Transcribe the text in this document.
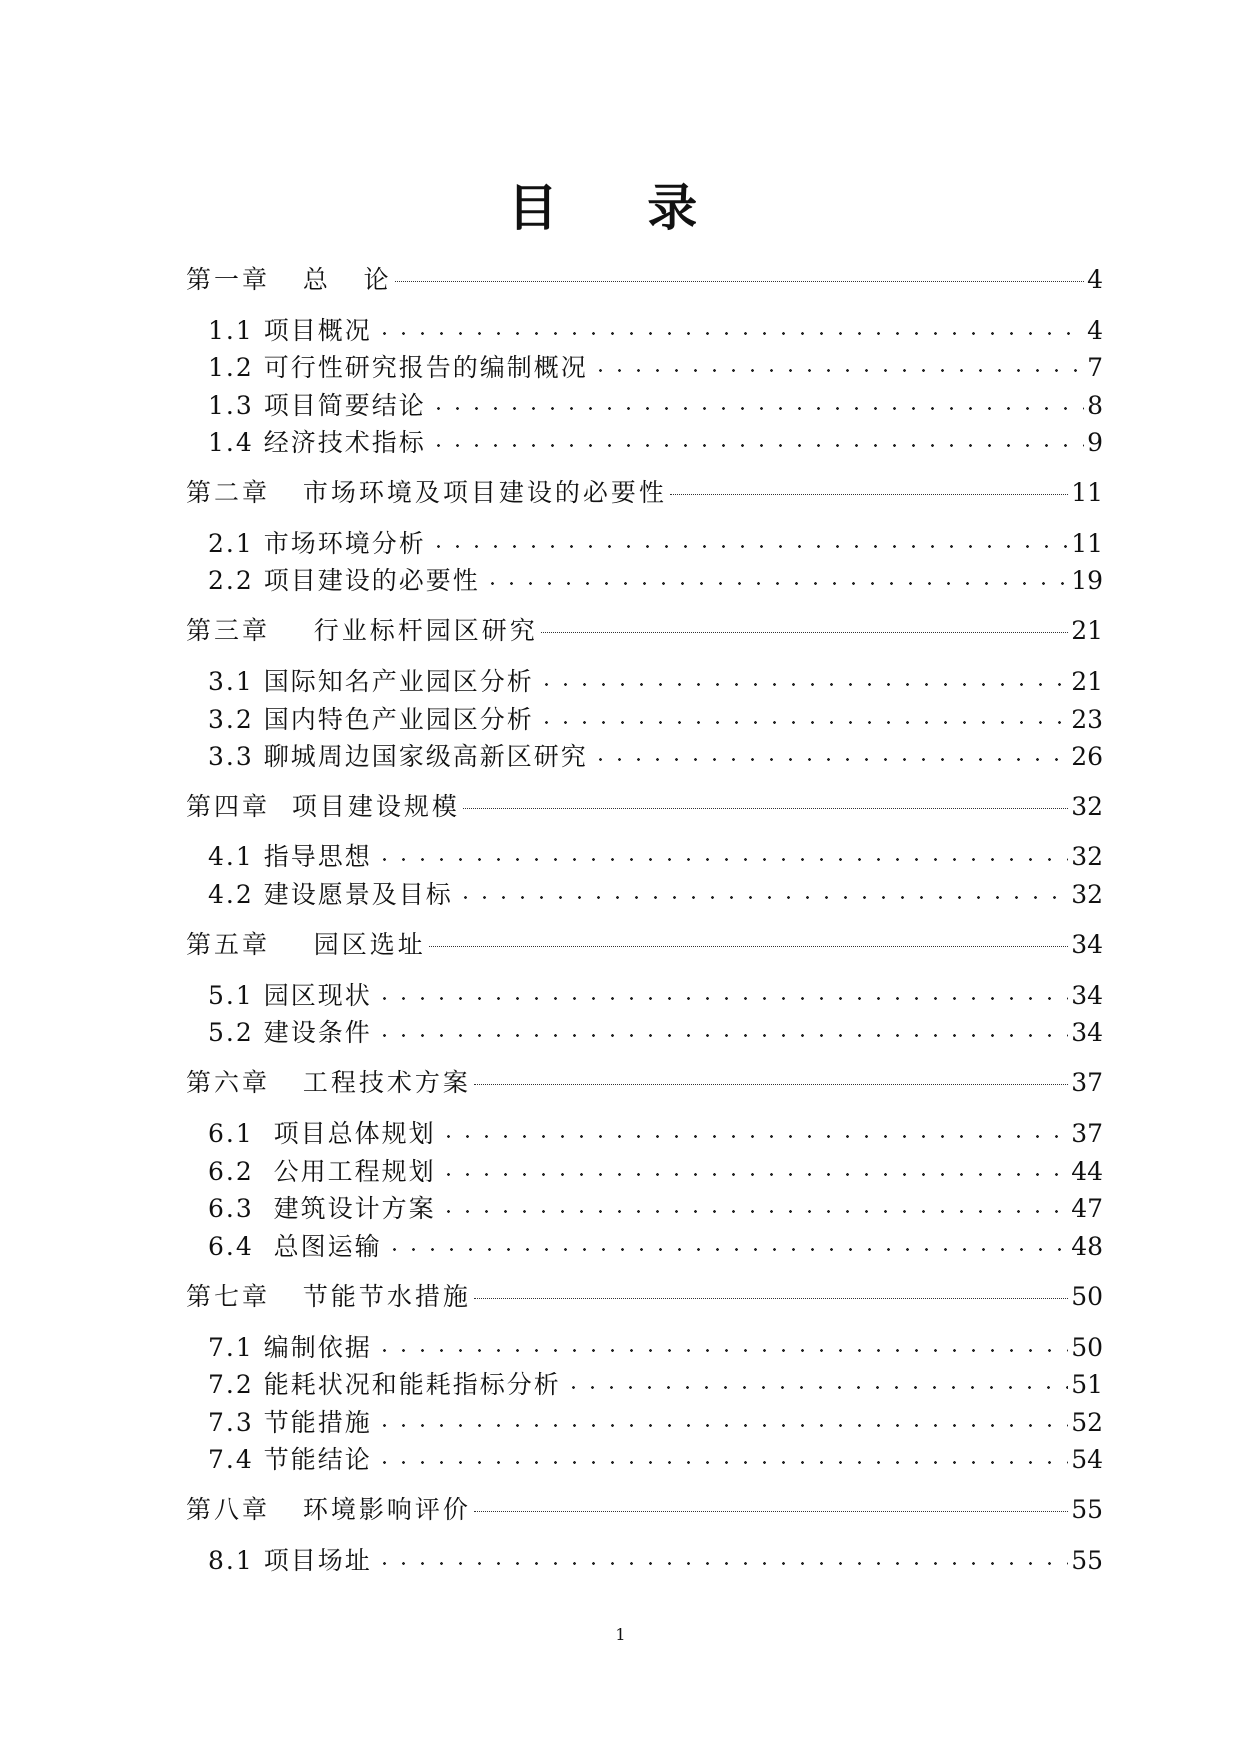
目 录
第一章   总   论	4
1.1 项目概况	4
1.2 可行性研究报告的编制概况	7
1.3 项目简要结论	8
1.4 经济技术指标	9
第二章   市场环境及项目建设的必要性	11
2.1 市场环境分析	11
2.2 项目建设的必要性	19
第三章    行业标杆园区研究	21
3.1 国际知名产业园区分析	21
3.2 国内特色产业园区分析	23
3.3 聊城周边国家级高新区研究	26
第四章  项目建设规模	32
4.1 指导思想	32
4.2 建设愿景及目标	32
第五章    园区选址	34
5.1 园区现状	34
5.2 建设条件	34
第六章   工程技术方案	37
6.1  项目总体规划	37
6.2  公用工程规划	44
6.3  建筑设计方案	47
6.4  总图运输	48
第七章   节能节水措施	50
7.1 编制依据	50
7.2 能耗状况和能耗指标分析	51
7.3 节能措施	52
7.4 节能结论	54
第八章   环境影响评价	55
8.1 项目场址	55
1
